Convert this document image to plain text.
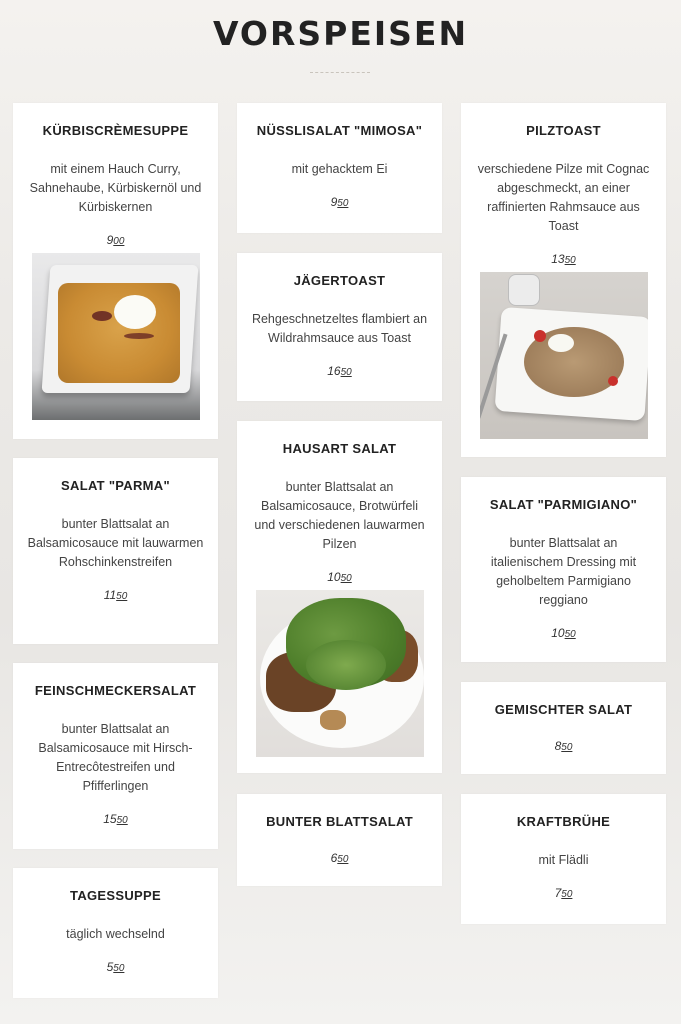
VORSPEISEN
KÜRBISCRÈMESUPPE
mit einem Hauch Curry, Sahnehaube, Kürbiskernöl und Kürbiskernen
900
SALAT "PARMA"
bunter Blattsalat an Balsamicosauce mit lauwarmen Rohschinkenstreifen
1150
FEINSCHMECKERSALAT
bunter Blattsalat an Balsamicosauce mit Hirsch-Entrecôtestreifen und Pfifferlingen
1550
TAGESSUPPE
täglich wechselnd
550
NÜSSLISALAT "MIMOSA"
mit gehacktem Ei
950
JÄGERTOAST
Rehgeschnetzeltes flambiert an Wildrahmsauce aus Toast
1650
HAUSART SALAT
bunter Blattsalat an Balsamicosauce, Brotwürfeli und verschiedenen lauwarmen Pilzen
1050
BUNTER BLATTSALAT
650
PILZTOAST
verschiedene Pilze mit Cognac abgeschmeckt, an einer raffinierten Rahmsauce aus Toast
1350
SALAT "PARMIGIANO"
bunter Blattsalat an italienischem Dressing mit geholbeltem Parmigiano reggiano
1050
GEMISCHTER SALAT
850
KRAFTBRÜHE
mit Flädli
750
